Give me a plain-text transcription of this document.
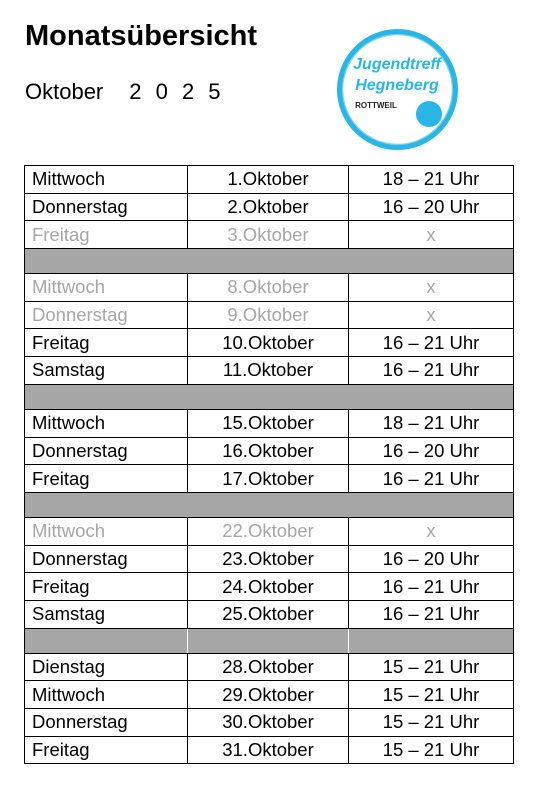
Monatsübersicht
Oktober 2 0 2 5
Jugendtreff
Hegneberg
ROTTWEIL
Mittwoch	1.Oktober	18 – 21 Uhr
Donnerstag	2.Oktober	16 – 20 Uhr
Freitag	3.Oktober	x

Mittwoch	8.Oktober	x
Donnerstag	9.Oktober	x
Freitag	10.Oktober	16 – 21 Uhr
Samstag	11.Oktober	16 – 21 Uhr

Mittwoch	15.Oktober	18 – 21 Uhr
Donnerstag	16.Oktober	16 – 20 Uhr
Freitag	17.Oktober	16 – 21 Uhr

Mittwoch	22.Oktober	x
Donnerstag	23.Oktober	16 – 20 Uhr
Freitag	24.Oktober	16 – 21 Uhr
Samstag	25.Oktober	16 – 21 Uhr

Dienstag	28.Oktober	15 – 21 Uhr
Mittwoch	29.Oktober	15 – 21 Uhr
Donnerstag	30.Oktober	15 – 21 Uhr
Freitag	31.Oktober	15 – 21 Uhr
